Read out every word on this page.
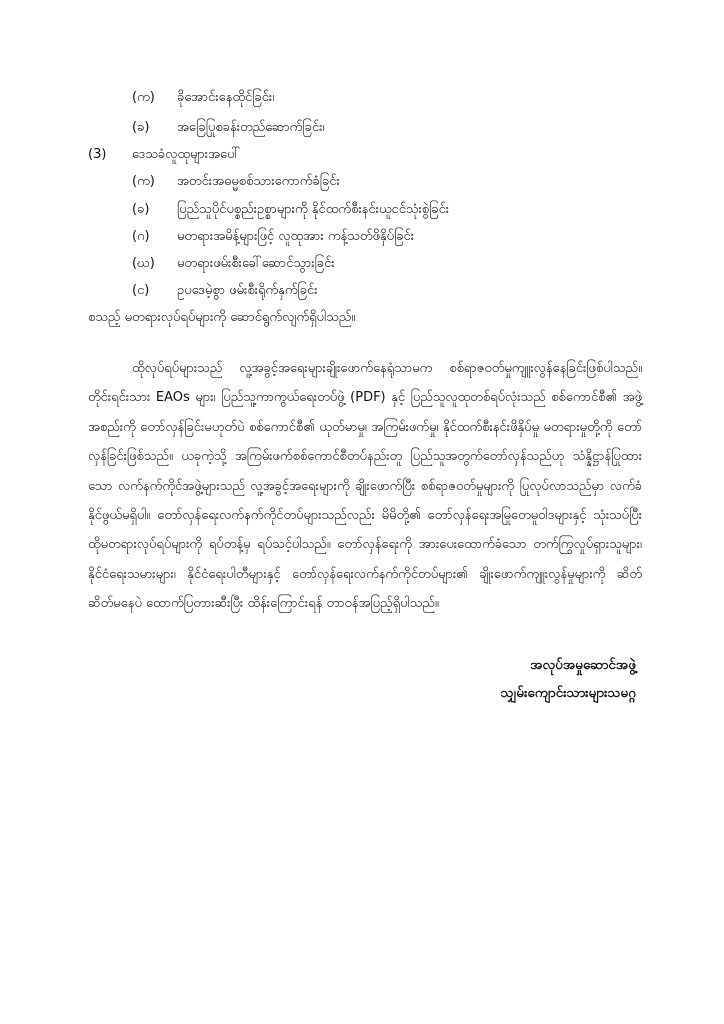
(က) ခိုအောင်းနေထိုင်ခြင်း၊
(ခ) အခြေပြုစခန်းတည်ဆောက်ခြင်း၊
(3) ဒေသခံလူထုများအပေါ်
(က) အတင်းအဓမ္မစစ်သားကောက်ခံခြင်း
(ခ) ပြည်သူပိုင်ပစ္စည်းဥစ္စာများကို နိုင်ထက်စီးနင်းယူငင်သုံးစွဲခြင်း
(ဂ) မတရားအမိန့်များဖြင့် လူထုအား ကန့်သတ်ဖိနှိပ်ခြင်း
(ဃ) မတရားဖမ်းစီးခေါ်ဆောင်သွားခြင်း
(င) ဥပဒေမဲ့စွာ ဖမ်းစီးရိုက်နှက်ခြင်း
စသည့် မတရားလုပ်ရပ်များကို ဆောင်ရွက်လျက်ရှိပါသည်။

ထိုလုပ်ရပ်များသည် လူ့အခွင့်အရေးများချိုးဖောက်နေရုံသာမက စစ်ရာဇဝတ်မှုကျူးလွန်နေခြင်းဖြစ်ပါသည်။ တိုင်းရင်းသား EAOs များ၊ ပြည်သူ့ကာကွယ်ရေးတပ်ဖွဲ့ (PDF) နှင့် ပြည်သူလူထုတစ်ရပ်လုံးသည် စစ်ကောင်စီ၏ အဖွဲ့အစည်းကို တော်လှန်ခြင်းမဟုတ်ပဲ စစ်ကောင်စီ၏ ယုတ်မာမှု၊ အကြမ်းဖက်မှု၊ နိုင်ထက်စီးနင်းဖိနှိပ်မှု မတရားမှုတို့ကို တော်လှန်ခြင်းဖြစ်သည်။ ယခုကဲ့သို့ အကြမ်းဖက်စစ်ကောင်စီတပ်နည်းတူ ပြည်သူအတွက်တော်လှန်သည်ဟု သံန္နိဋ္ဌာန်ပြုထားသော လက်နက်ကိုင်အဖွဲ့များသည် လူ့အခွင့်အရေးများကို ချိုးဖောက်ပြီး စစ်ရာဇဝတ်မှုများကို ပြုလုပ်လာသည်မှာ လက်ခံနိုင်ဖွယ်မရှိပါ။ တော်လှန်ရေးလက်နက်ကိုင်တပ်များသည်လည်း မိမိတို့၏ တော်လှန်ရေးအမြုတေမူဝါဒများနှင့် သုံးသပ်ပြီး ထိုမတရားလုပ်ရပ်များကို ရပ်တန့်မှ ရပ်သင့်ပါသည်။ တော်လှန်ရေးကို အားပေးထောက်ခံသော တက်ကြွလှုပ်ရှားသူများ၊ နိုင်ငံရေးသမားများ၊ နိုင်ငံရေးပါတီများနှင့် တော်လှန်ရေးလက်နက်ကိုင်တပ်များ၏ ချိုးဖောက်ကျူးလွန်မှုများကို ဆိတ်ဆိတ်မနေပဲ ထောက်ပြတားဆီးပြီး ထိန်းကြောင်းရန် တာဝန်အပြည့်ရှိပါသည်။

အလုပ်အမှုဆောင်အဖွဲ့
သျှမ်းကျောင်းသားများသမဂ္ဂ
